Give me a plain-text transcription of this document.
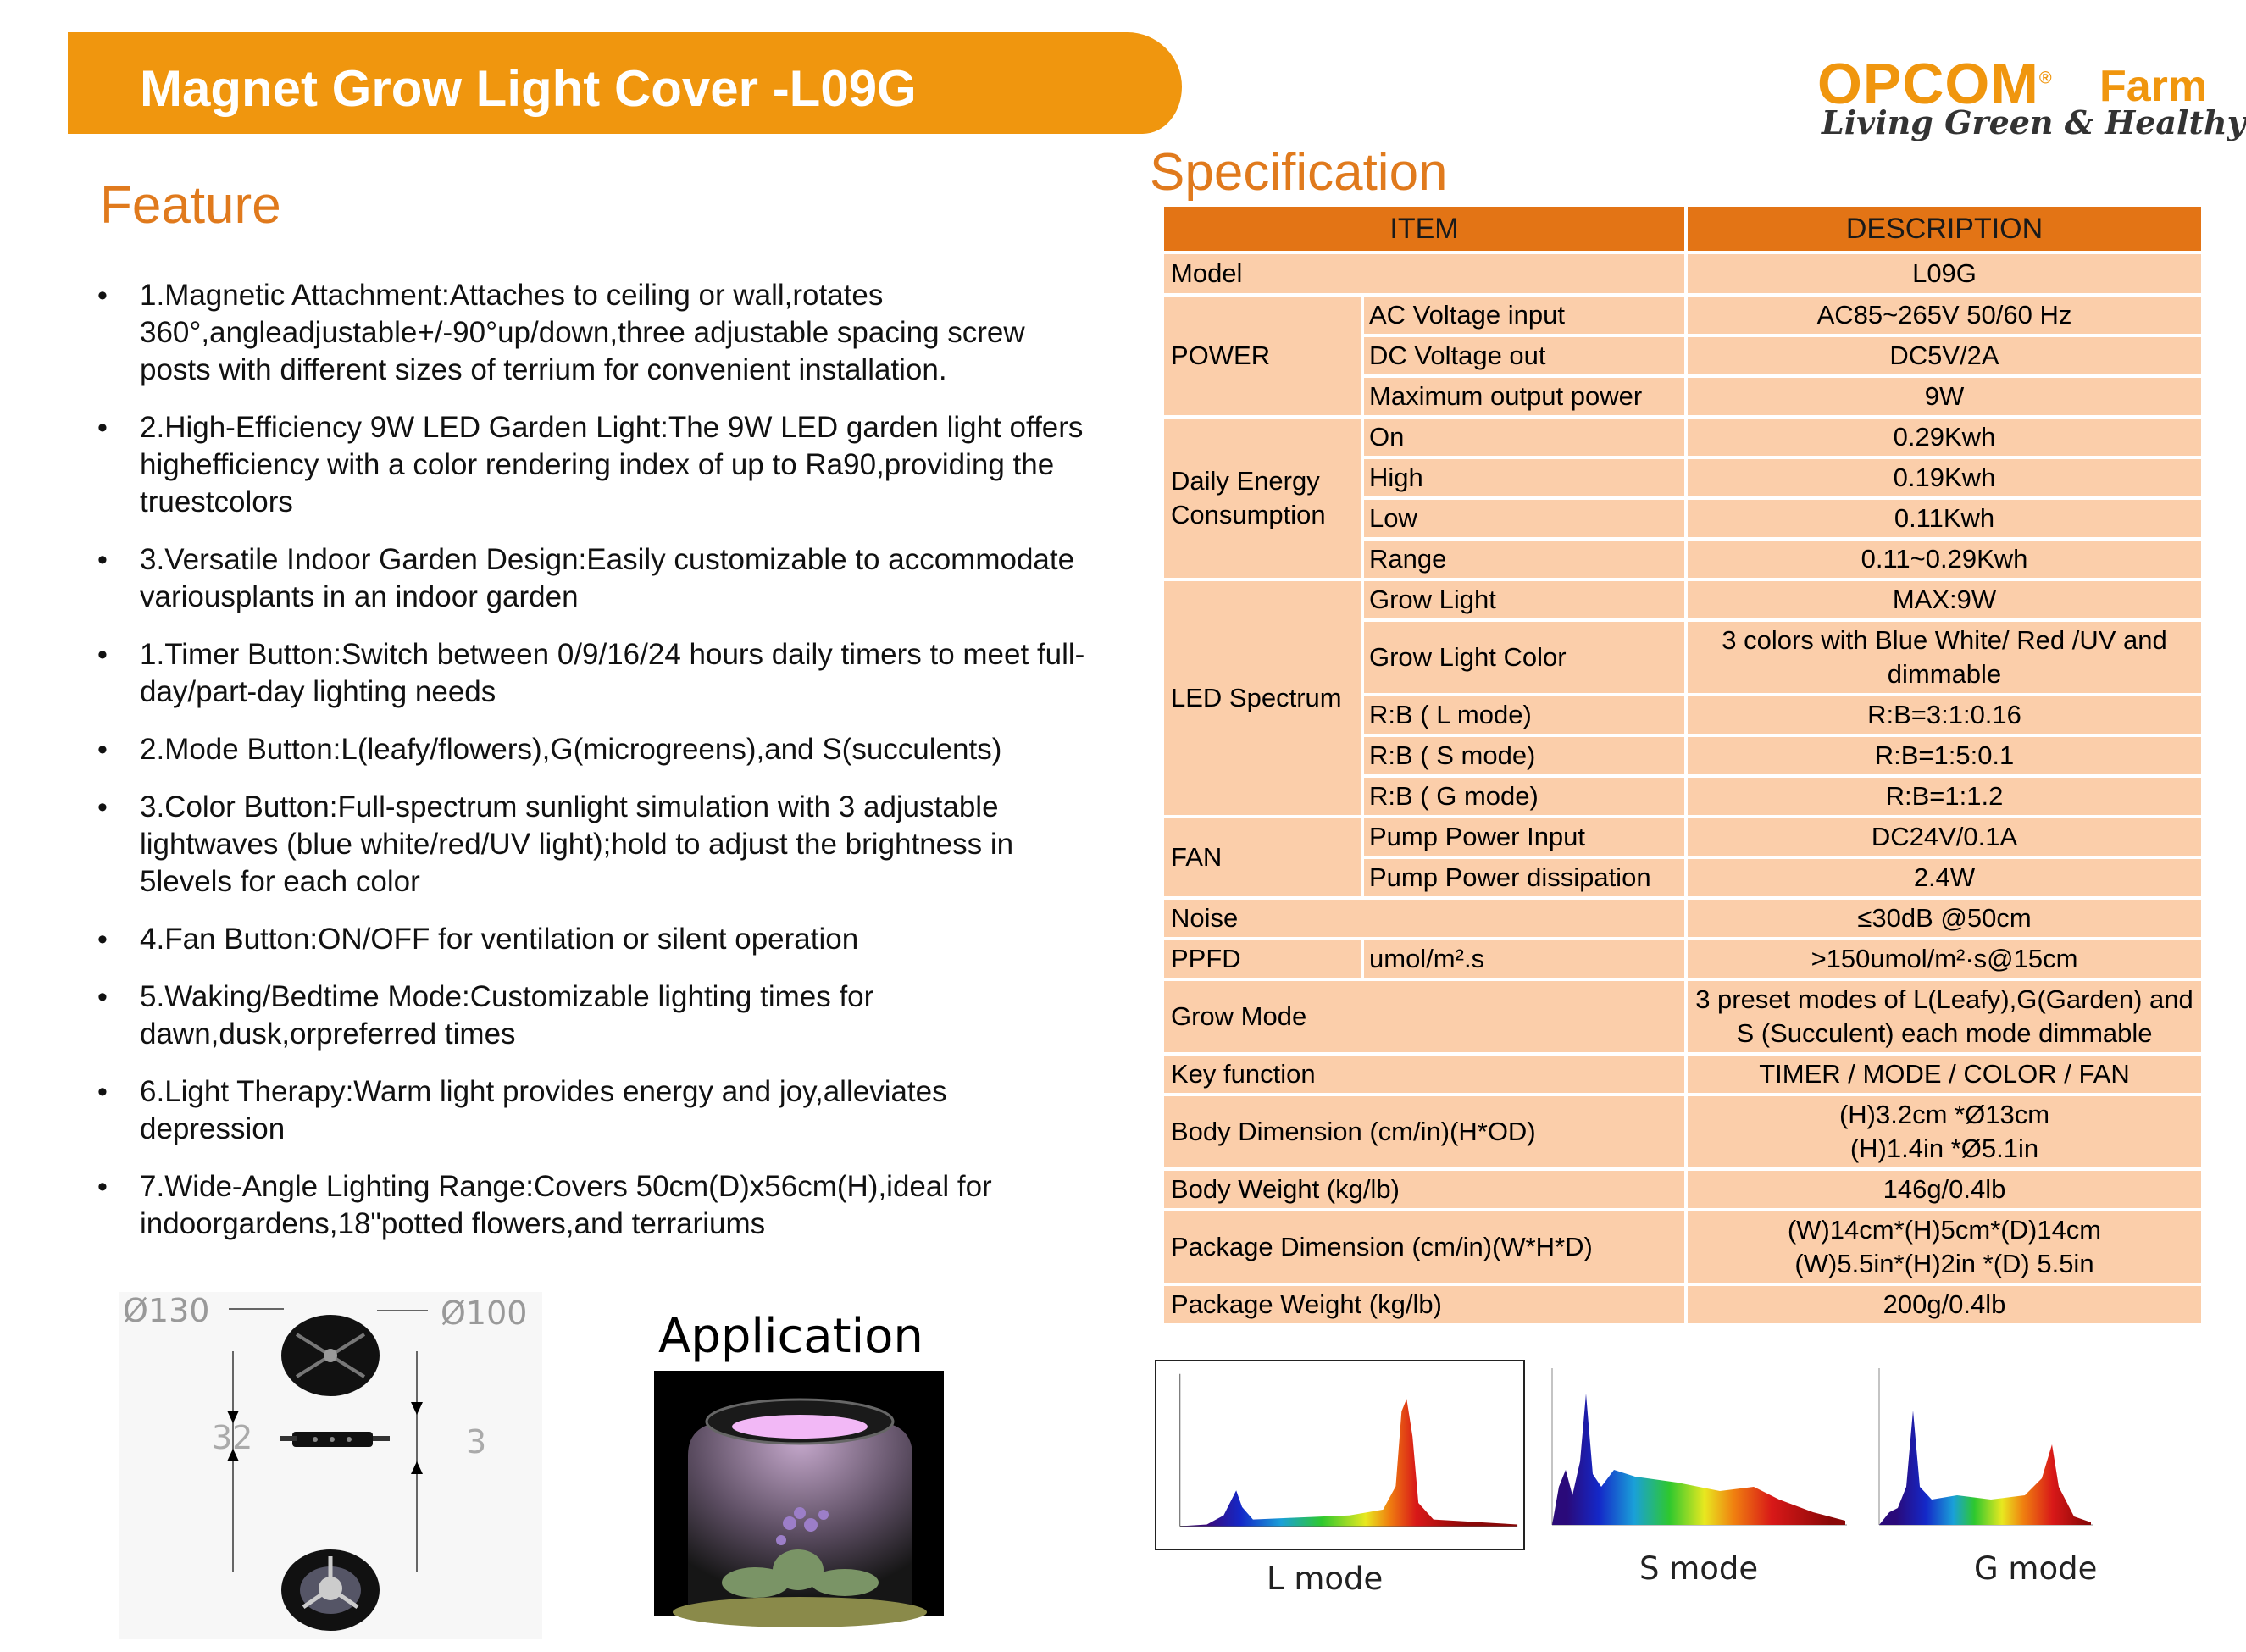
Magnet Grow Light Cover -L09G	OPCOM® Farm
Living Green & Healthy
Feature
• 1.Magnetic Attachment:Attaches to ceiling or wall,rotates 360°,angleadjustable+/-90°up/down,three adjustable spacing screw posts with different sizes of terrium for convenient installation.
• 2.High-Efficiency 9W LED Garden Light:The 9W LED garden light offers highefficiency with a color rendering index of up to Ra90,providing the truestcolors
• 3.Versatile Indoor Garden Design:Easily customizable to accommodate variousplants in an indoor garden
• 1.Timer Button:Switch between 0/9/16/24 hours daily timers to meet full-day/part-day lighting needs
• 2.Mode Button:L(leafy/flowers),G(microgreens),and S(succulents)
• 3.Color Button:Full-spectrum sunlight simulation with 3 adjustable lightwaves (blue white/red/UV light);hold to adjust the brightness in 5levels for each color
• 4.Fan Button:ON/OFF for ventilation or silent operation
• 5.Waking/Bedtime Mode:Customizable lighting times for dawn,dusk,orpreferred times
• 6.Light Therapy:Warm light provides energy and joy,alleviates depression
• 7.Wide-Angle Lighting Range:Covers 50cm(D)x56cm(H),ideal for indoorgardens,18"potted flowers,and terrariums
Specification
ITEM		DESCRIPTION
Model		L09G
POWER	AC Voltage input	AC85~265V 50/60 Hz
	DC Voltage out	DC5V/2A
	Maximum output power	9W
Daily Energy Consumption	On	0.29Kwh
	High	0.19Kwh
	Low	0.11Kwh
	Range	0.11~0.29Kwh
LED Spectrum	Grow Light	MAX:9W
	Grow Light Color	3 colors with Blue White/ Red /UV and dimmable
	R:B ( L mode)	R:B=3:1:0.16
	R:B ( S mode)	R:B=1:5:0.1
	R:B ( G mode)	R:B=1:1.2
FAN	Pump Power Input	DC24V/0.1A
	Pump Power dissipation	2.4W
Noise		≤30dB @50cm
PPFD	umol/m².s	>150umol/m²·s@15cm
Grow Mode		3 preset modes of L(Leafy),G(Garden) and S (Succulent) each mode dimmable
Key function		TIMER / MODE / COLOR / FAN
Body Dimension (cm/in)(H*OD)		(H)3.2cm *Ø13cm
(H)1.4in *Ø5.1in

Body Weight (kg/lb)		146g/0.4lb
Package Dimension (cm/in)(W*H*D)		(W)14cm*(H)5cm*(D)14cm
(W)5.5in*(H)2in *(D) 5.5in

Package Weight (kg/lb)		200g/0.4lb
Ø130	Ø100
32	3
Application
L mode	S mode	G mode
